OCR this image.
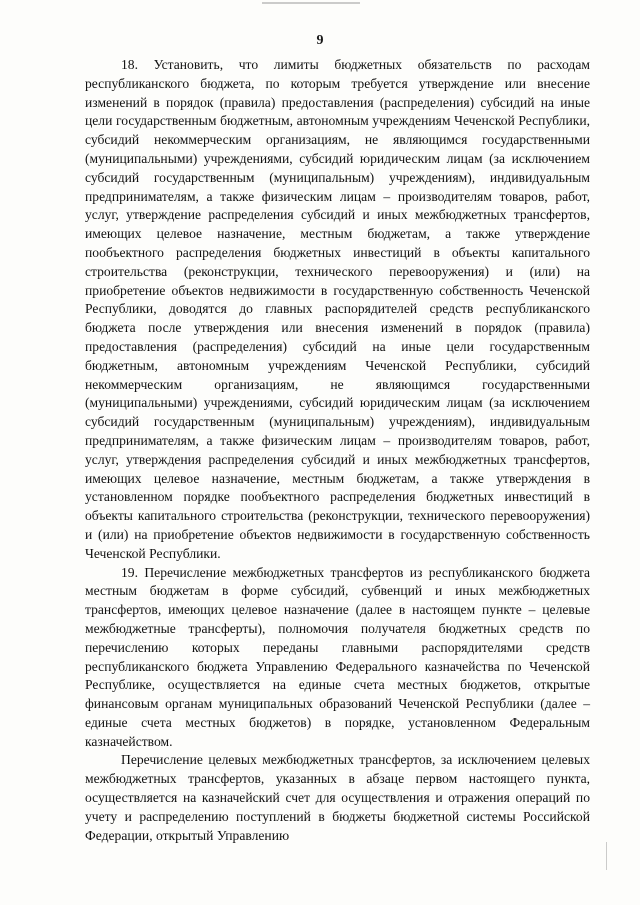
9

18. Установить, что лимиты бюджетных обязательств по расходам республиканского бюджета, по которым требуется утверждение или внесение изменений в порядок (правила) предоставления (распределения) субсидий на иные цели государственным бюджетным, автономным учреждениям Чеченской Республики, субсидий некоммерческим организациям, не являющимся государственными (муниципальными) учреждениями, субсидий юридическим лицам (за исключением субсидий государственным (муниципальным) учреждениям), индивидуальным предпринимателям, а также физическим лицам – производителям товаров, работ, услуг, утверждение распределения субсидий и иных межбюджетных трансфертов, имеющих целевое назначение, местным бюджетам, а также утверждение пообъектного распределения бюджетных инвестиций в объекты капитального строительства (реконструкции, технического перевооружения) и (или) на приобретение объектов недвижимости в государственную собственность Чеченской Республики, доводятся до главных распорядителей средств республиканского бюджета после утверждения или внесения изменений в порядок (правила) предоставления (распределения) субсидий на иные цели государственным бюджетным, автономным учреждениям Чеченской Республики, субсидий некоммерческим организациям, не являющимся государственными (муниципальными) учреждениями, субсидий юридическим лицам (за исключением субсидий государственным (муниципальным) учреждениям), индивидуальным предпринимателям, а также физическим лицам – производителям товаров, работ, услуг, утверждения распределения субсидий и иных межбюджетных трансфертов, имеющих целевое назначение, местным бюджетам, а также утверждения в установленном порядке пообъектного распределения бюджетных инвестиций в объекты капитального строительства (реконструкции, технического перевооружения) и (или) на приобретение объектов недвижимости в государственную собственность Чеченской Республики.

19. Перечисление межбюджетных трансфертов из республиканского бюджета местным бюджетам в форме субсидий, субвенций и иных межбюджетных трансфертов, имеющих целевое назначение (далее в настоящем пункте – целевые межбюджетные трансферты), полномочия получателя бюджетных средств по перечислению которых переданы главными распорядителями средств республиканского бюджета Управлению Федерального казначейства по Чеченской Республике, осуществляется на единые счета местных бюджетов, открытые финансовым органам муниципальных образований Чеченской Республики (далее – единые счета местных бюджетов) в порядке, установленном Федеральным казначейством.

Перечисление целевых межбюджетных трансфертов, за исключением целевых межбюджетных трансфертов, указанных в абзаце первом настоящего пункта, осуществляется на казначейский счет для осуществления и отражения операций по учету и распределению поступлений в бюджеты бюджетной системы Российской Федерации, открытый Управлению
